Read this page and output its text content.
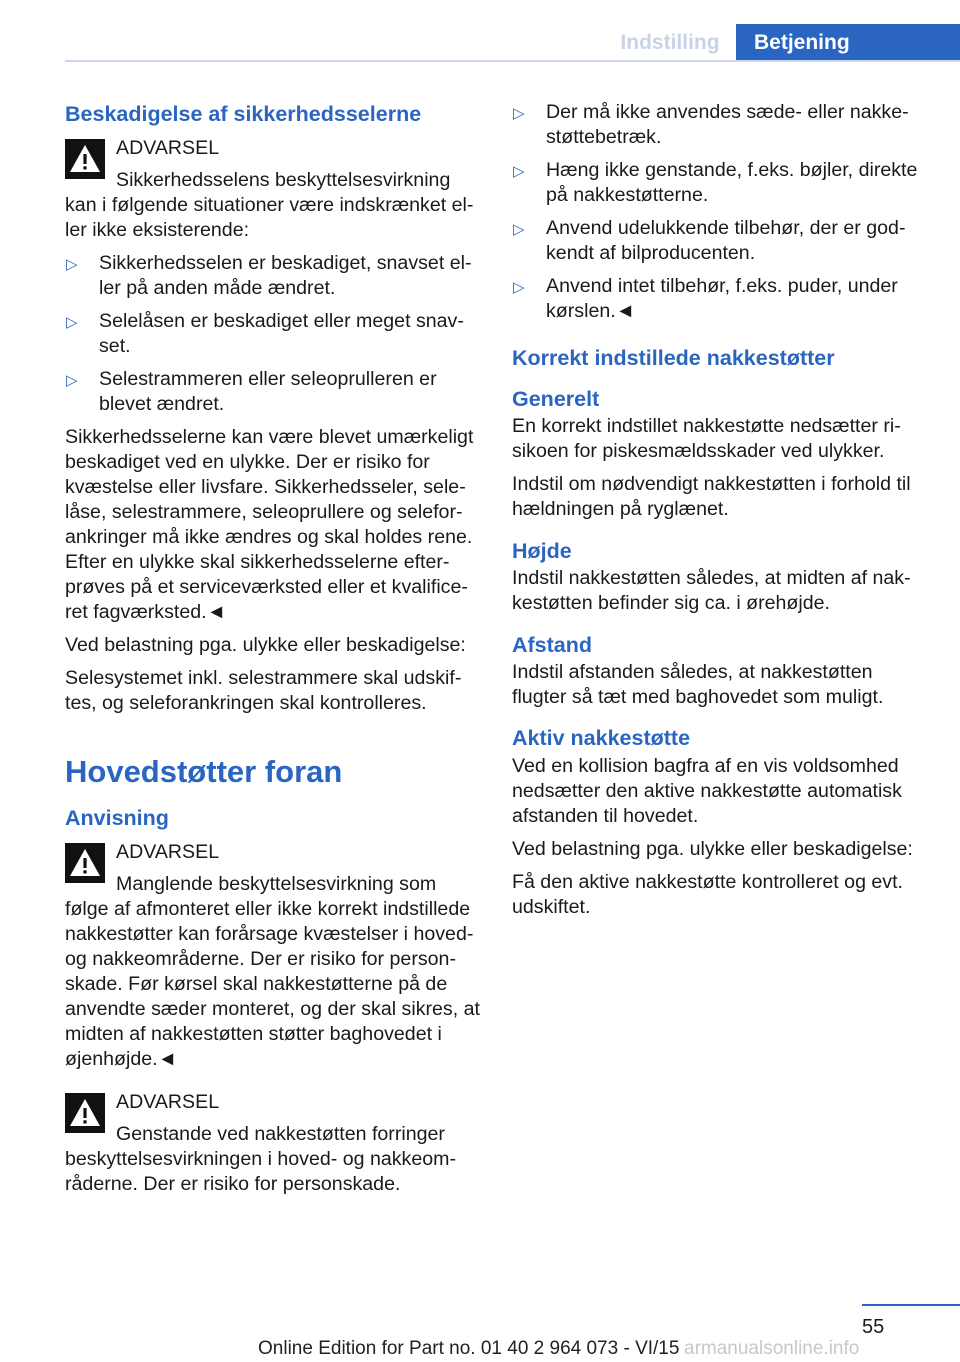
Indstilling	Betjening
Beskadigelse af sikkerhedsselerne
ADVARSEL
Sikkerhedsselens beskyttelsesvirkning kan i følgende situationer være indskrænket eller ikke eksisterende:
▷ Sikkerhedsselen er beskadiget, snavset eller på anden måde ændret.
▷ Selelåsen er beskadiget eller meget snavset.
▷ Selestrammeren eller seleoprulleren er blevet ændret.

Sikkerhedsselerne kan være blevet umærkeligt beskadiget ved en ulykke. Der er risiko for kvæstelse eller livsfare. Sikkerhedsseler, selelåse, selestrammere, seleoprullere og seleforankringer må ikke ændres og skal holdes rene. Efter en ulykke skal sikkerhedsselerne efterprøves på et serviceværksted eller et kvalificeret fagværksted.◄

Ved belastning pga. ulykke eller beskadigelse:

Selesystemet inkl. selestrammere skal udskiftes, og seleforankringen skal kontrolleres.

Hovedstøtter foran
Anvisning
ADVARSEL
Manglende beskyttelsesvirkning som følge af afmonteret eller ikke korrekt indstillede nakkestøtter kan forårsage kvæstelser i hoved- og nakkeområderne. Der er risiko for personskade. Før kørsel skal nakkestøtterne på de anvendte sæder monteret, og der skal sikres, at midten af nakkestøtten støtter baghovedet i øjenhøjde.◄
ADVARSEL
Genstande ved nakkestøtten forringer beskyttelsesvirkningen i hoved- og nakkeområderne. Der er risiko for personskade.
▷ Der må ikke anvendes sæde- eller nakkestøttebetræk.
▷ Hæng ikke genstande, f.eks. bøjler, direkte på nakkestøtterne.
▷ Anvend udelukkende tilbehør, der er godkendt af bilproducenten.
▷ Anvend intet tilbehør, f.eks. puder, under kørslen.◄
Korrekt indstillede nakkestøtter
Generelt

En korrekt indstillet nakkestøtte nedsætter risikoen for piskesmældsskader ved ulykker.

Indstil om nødvendigt nakkestøtten i forhold til hældningen på ryglænet.

Højde

Indstil nakkestøtten således, at midten af nakkestøtten befinder sig ca. i ørehøjde.

Afstand

Indstil afstanden således, at nakkestøtten flugter så tæt med baghovedet som muligt.

Aktiv nakkestøtte

Ved en kollision bagfra af en vis voldsomhed nedsætter den aktive nakkestøtte automatisk afstanden til hovedet.

Ved belastning pga. ulykke eller beskadigelse:

Få den aktive nakkestøtte kontrolleret og evt. udskiftet.

55
Online Edition for Part no. 01 40 2 964 073 - VI/15 armanualsonline.info
